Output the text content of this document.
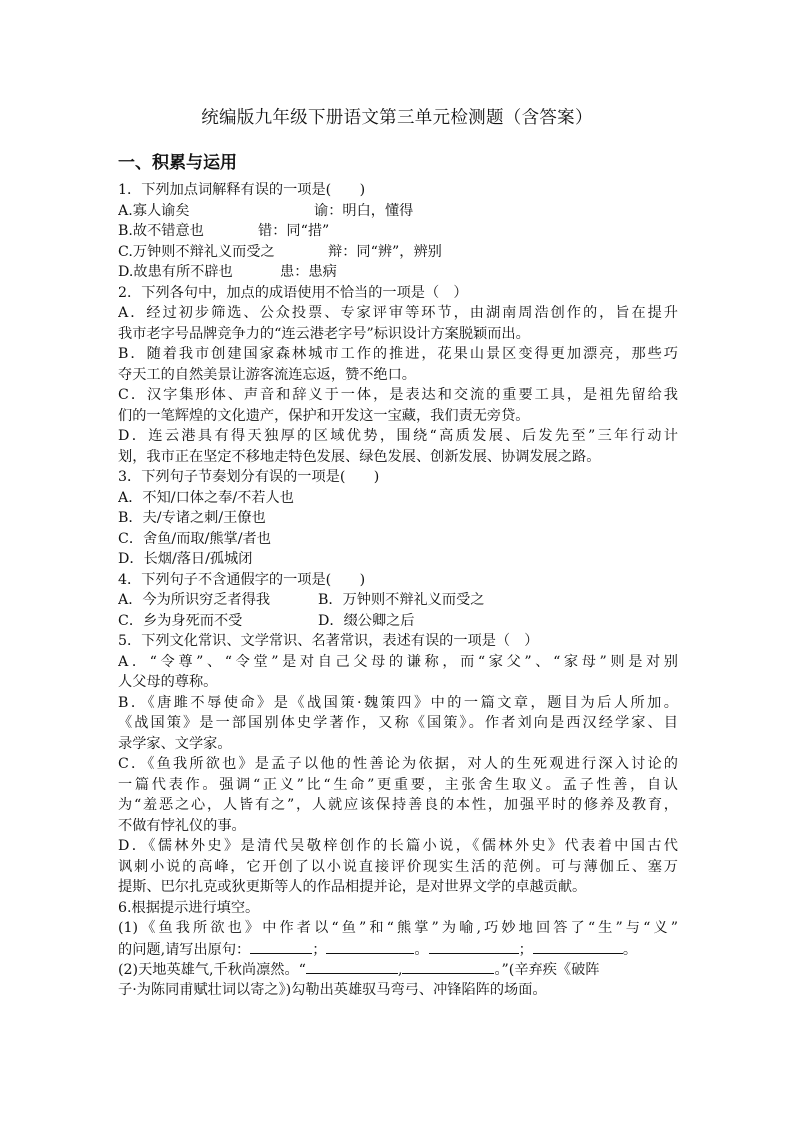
统编版九年级下册语文第三单元检测题（含答案）
一、积累与运用
1．下列加点词解释有误的一项是(　　)
A.寡人谕矣	谕：明白，懂得
B.故不错意也	错：同“措”
C.万钟则不辩礼义而受之	辩：同“辨”，辨别
D.故患有所不辟也	患：患病
2．下列各句中，加点的成语使用不恰当的一项是（　）
A．经过初步筛选、公众投票、专家评审等环节，由湖南周浩创作的，旨在提升
我市老字号品牌竞争力的“连云港老字号”标识设计方案脱颖而出。
B．随着我市创建国家森林城市工作的推进，花果山景区变得更加漂亮，那些巧
夺天工的自然美景让游客流连忘返，赞不绝口。
C．汉字集形体、声音和辞义于一体，是表达和交流的重要工具，是祖先留给我
们的一笔辉煌的文化遗产，保护和开发这一宝藏，我们责无旁贷。
D．连云港具有得天独厚的区域优势，围绕“高质发展、后发先至”三年行动计
划，我市正在坚定不移地走特色发展、绿色发展、创新发展、协调发展之路。
3．下列句子节奏划分有误的一项是(　　)
A．不知/口体之奉/不若人也
B．夫/专诸之刺/王僚也
C．舍鱼/而取/熊掌/者也
D．长烟/落日/孤城闭
4．下列句子不含通假字的一项是(　　)
A．今为所识穷乏者得我	B．万钟则不辩礼义而受之
C．乡为身死而不受	D．缀公卿之后
5．下列文化常识、文学常识、名著常识，表述有误的一项是（　）
A．“令尊”、“令堂”是对自己父母的谦称，而“家父”、“家母”则是对别
人父母的尊称。
B．《唐雎不辱使命》是《战国策·魏策四》中的一篇文章，题目为后人所加。
《战国策》是一部国别体史学著作，又称《国策》。作者刘向是西汉经学家、目
录学家、文学家。
C．《鱼我所欲也》是孟子以他的性善论为依据，对人的生死观进行深入讨论的
一篇代表作。强调“正义”比“生命”更重要，主张舍生取义。孟子性善，自认
为“羞恶之心，人皆有之”，人就应该保持善良的本性，加强平时的修养及教育，
不做有悖礼仪的事。
D．《儒林外史》是清代吴敬梓创作的长篇小说，《儒林外史》代表着中国古代
讽刺小说的高峰，它开创了以小说直接评价现实生活的范例。可与薄伽丘、塞万
提斯、巴尔扎克或狄更斯等人的作品相提并论，是对世界文学的卓越贡献。
6.根据提示进行填空。
(1)《鱼我所欲也》中作者以“鱼”和“熊掌”为喻,巧妙地回答了“生”与“义”
的问题,请写出原句：	；	。	；	。
(2)天地英雄气,千秋尚凛然。“	,	。”(辛弃疾《破阵
子·为陈同甫赋壮词以寄之》)勾勒出英雄驭马弯弓、冲锋陷阵的场面。
